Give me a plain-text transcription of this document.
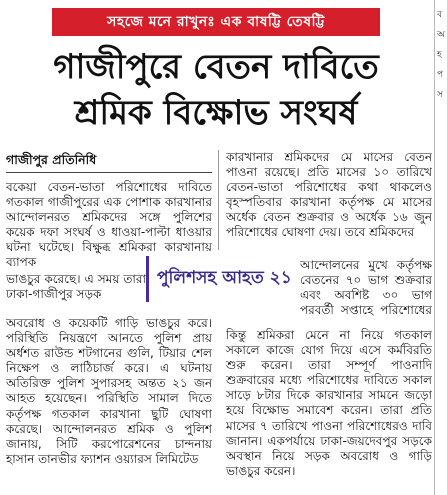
সহজে মনে রাখুনঃ এক বাষট্টি তেষট্টি
গাজীপুরে বেতন দাবিতে
শ্রমিক বিক্ষোভ সংঘর্ষ
ব
অ
হ
প
স
গাজীপুর প্রতিনিধি

বকেয়া বেতন-ভাতা পরিশোধের দাবিতে গতকাল গাজীপুরের এক পোশাক কারখানার আন্দোলনরত শ্রমিকদের সঙ্গে পুলিশের কয়েক দফা সংঘর্ষ ও ধাওয়া-পাল্টা ধাওয়ার ঘটনা ঘটেছে। বিক্ষুব্ধ শ্রমিকরা কারখানায় ব্যাপক

ভাঙচুর করেছে। এ সময় তারা ঢাকা-গাজীপুর সড়ক

অবরোধ ও কয়েকটি গাড়ি ভাঙচুর করে। পরিস্থিতি নিয়ন্ত্রণে আনতে পুলিশ প্রায় অর্ধশত রাউন্ড শটগানের গুলি, টিয়ার শেল নিক্ষেপ ও লাঠিচার্জ করে। এ ঘটনায় অতিরিক্ত পুলিশ সুপারসহ অন্তত ২১ জন আহত হয়েছেন। পরিস্থিতি সামাল দিতে কর্তৃপক্ষ গতকাল কারখানা ছুটি ঘোষণা করেছে। আন্দোলনরত শ্রমিক ও পুলিশ জানায়, সিটি করপোরেশনের চান্দনায় হাসান তানভীর ফ্যাশন ওয়্যারস লিমিটেড

কারখানার শ্রমিকদের মে মাসের বেতন পাওনা রয়েছে। প্রতি মাসের ১০ তারিখে বেতন-ভাতা পরিশোধের কথা থাকলেও বৃহস্পতিবার কারখানা কর্তৃপক্ষ মে মাসের অর্ধেক বেতন শুক্রবার ও অর্ধেক ১৬ জুন পরিশোধের ঘোষণা দেয়। তবে শ্রমিকদের

আন্দোলনের মুখে কর্তৃপক্ষ বেতনের ৭০ ভাগ শুক্রবার এবং অবশিষ্ট ৩০ ভাগ পরবর্তী সপ্তাহে পরিশোধের

কিন্তু শ্রমিকরা মেনে না নিয়ে গতকাল সকালে কাজে যোগ দিয়ে এসে কর্মবিরতি শুরু করেন। তারা সম্পূর্ণ পাওনাদি শুক্রবারের মধ্যে পরিশোধের দাবিতে সকাল সাড়ে ৮টার দিকে কারখানার সামনে জড়ো হয়ে বিক্ষোভ সমাবেশ করেন। তারা প্রতি মাসের ৭ তারিখে পাওনা পরিশোধেরও দাবি জানান। একপর্যায়ে ঢাকা-জয়দেবপুর সড়কে অবস্থান নিয়ে সড়ক অবরোধ ও গাড়ি ভাঙচুর করেন।

পুলিশসহ আহত ২১
